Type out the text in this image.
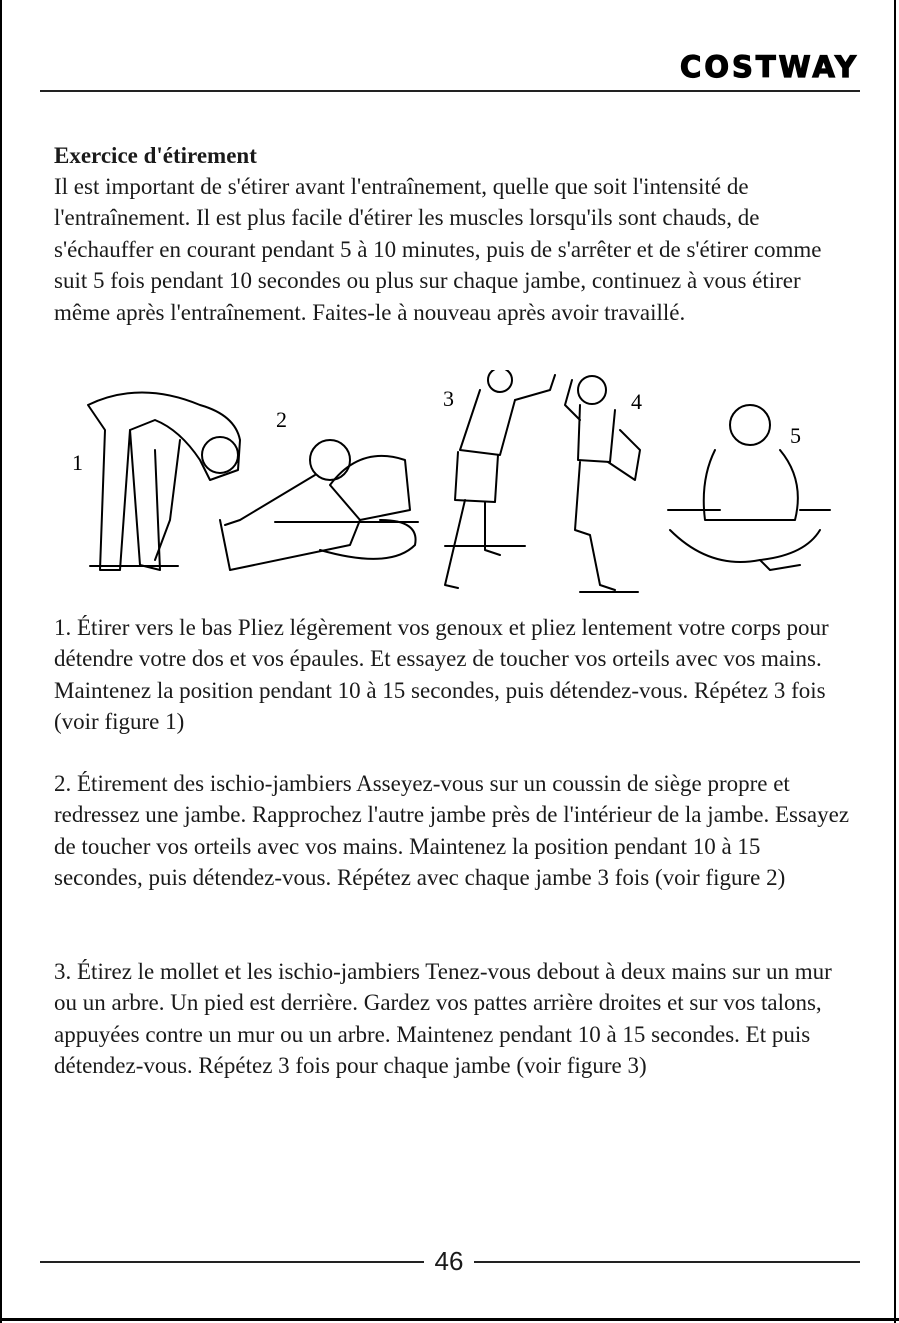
COSTWAY

Exercice d'étirement

Il est important de s'étirer avant l'entraînement, quelle que soit l'intensité de l'entraînement. Il est plus facile d'étirer les muscles lorsqu'ils sont chauds, de s'échauffer en courant pendant 5 à 10 minutes, puis de s'arrêter et de s'étirer comme suit 5 fois pendant 10 secondes ou plus sur chaque jambe, continuez à vous étirer même après l'entraînement. Faites-le à nouveau après avoir travaillé.

1
2
3	4
5

1. Étirer vers le bas Pliez légèrement vos genoux et pliez lentement votre corps pour détendre votre dos et vos épaules. Et essayez de toucher vos orteils avec vos mains. Maintenez la position pendant 10 à 15 secondes, puis détendez-vous. Répétez 3 fois (voir figure 1)

2. Étirement des ischio-jambiers Asseyez-vous sur un coussin de siège propre et redressez une jambe. Rapprochez l'autre jambe près de l'intérieur de la jambe. Essayez de toucher vos orteils avec vos mains. Maintenez la position pendant 10 à 15 secondes, puis détendez-vous. Répétez avec chaque jambe 3 fois (voir figure 2)

3. Étirez le mollet et les ischio-jambiers Tenez-vous debout à deux mains sur un mur ou un arbre. Un pied est derrière. Gardez vos pattes arrière droites et sur vos talons, appuyées contre un mur ou un arbre. Maintenez pendant 10 à 15 secondes. Et puis détendez-vous. Répétez 3 fois pour chaque jambe (voir figure 3)

46
